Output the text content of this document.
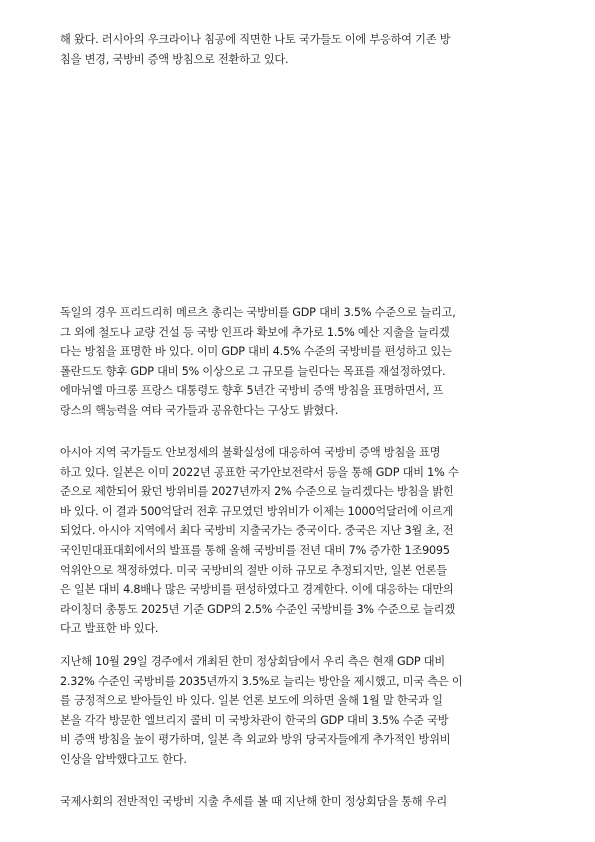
해 왔다. 러시아의 우크라이나 침공에 직면한 나토 국가들도 이에 부응하여 기존 방
침을 변경, 국방비 증액 방침으로 전환하고 있다.

독일의 경우 프리드리히 메르츠 총리는 국방비를 GDP 대비 3.5% 수준으로 늘리고,
그 외에 철도나 교량 건설 등 국방 인프라 확보에 추가로 1.5% 예산 지출을 늘리겠
다는 방침을 표명한 바 있다. 이미 GDP 대비 4.5% 수준의 국방비를 편성하고 있는
폴란드도 향후 GDP 대비 5% 이상으로 그 규모를 늘린다는 목표를 재설정하였다.
에마뉘엘 마크롱 프랑스 대통령도 향후 5년간 국방비 증액 방침을 표명하면서, 프
랑스의 핵능력을 여타 국가들과 공유한다는 구상도 밝혔다.

아시아 지역 국가들도 안보정세의 불확실성에 대응하여 국방비 증액 방침을 표명
하고 있다. 일본은 이미 2022년 공표한 국가안보전략서 등을 통해 GDP 대비 1% 수
준으로 제한되어 왔던 방위비를 2027년까지 2% 수준으로 늘리겠다는 방침을 밝힌
바 있다. 이 결과 500억달러 전후 규모였던 방위비가 이제는 1000억달러에 이르게
되었다. 아시아 지역에서 최다 국방비 지출국가는 중국이다. 중국은 지난 3월 초, 전
국인민대표대회에서의 발표를 통해 올해 국방비를 전년 대비 7% 증가한 1조9095
억위안으로 책정하였다. 미국 국방비의 절반 이하 규모로 추정되지만, 일본 언론들
은 일본 대비 4.8배나 많은 국방비를 편성하였다고 경계한다. 이에 대응하는 대만의
라이칭더 총통도 2025년 기준 GDP의 2.5% 수준인 국방비를 3% 수준으로 늘리겠
다고 발표한 바 있다.

지난해 10월 29일 경주에서 개최된 한미 정상회담에서 우리 측은 현재 GDP 대비
2.32% 수준인 국방비를 2035년까지 3.5%로 늘리는 방안을 제시했고, 미국 측은 이
를 긍정적으로 받아들인 바 있다. 일본 언론 보도에 의하면 올해 1월 말 한국과 일
본을 각각 방문한 엘브리지 콜비 미 국방차관이 한국의 GDP 대비 3.5% 수준 국방
비 증액 방침을 높이 평가하며, 일본 측 외교와 방위 당국자들에게 추가적인 방위비
인상을 압박했다고도 한다.

국제사회의 전반적인 국방비 지출 추세를 볼 때 지난해 한미 정상회담을 통해 우리
